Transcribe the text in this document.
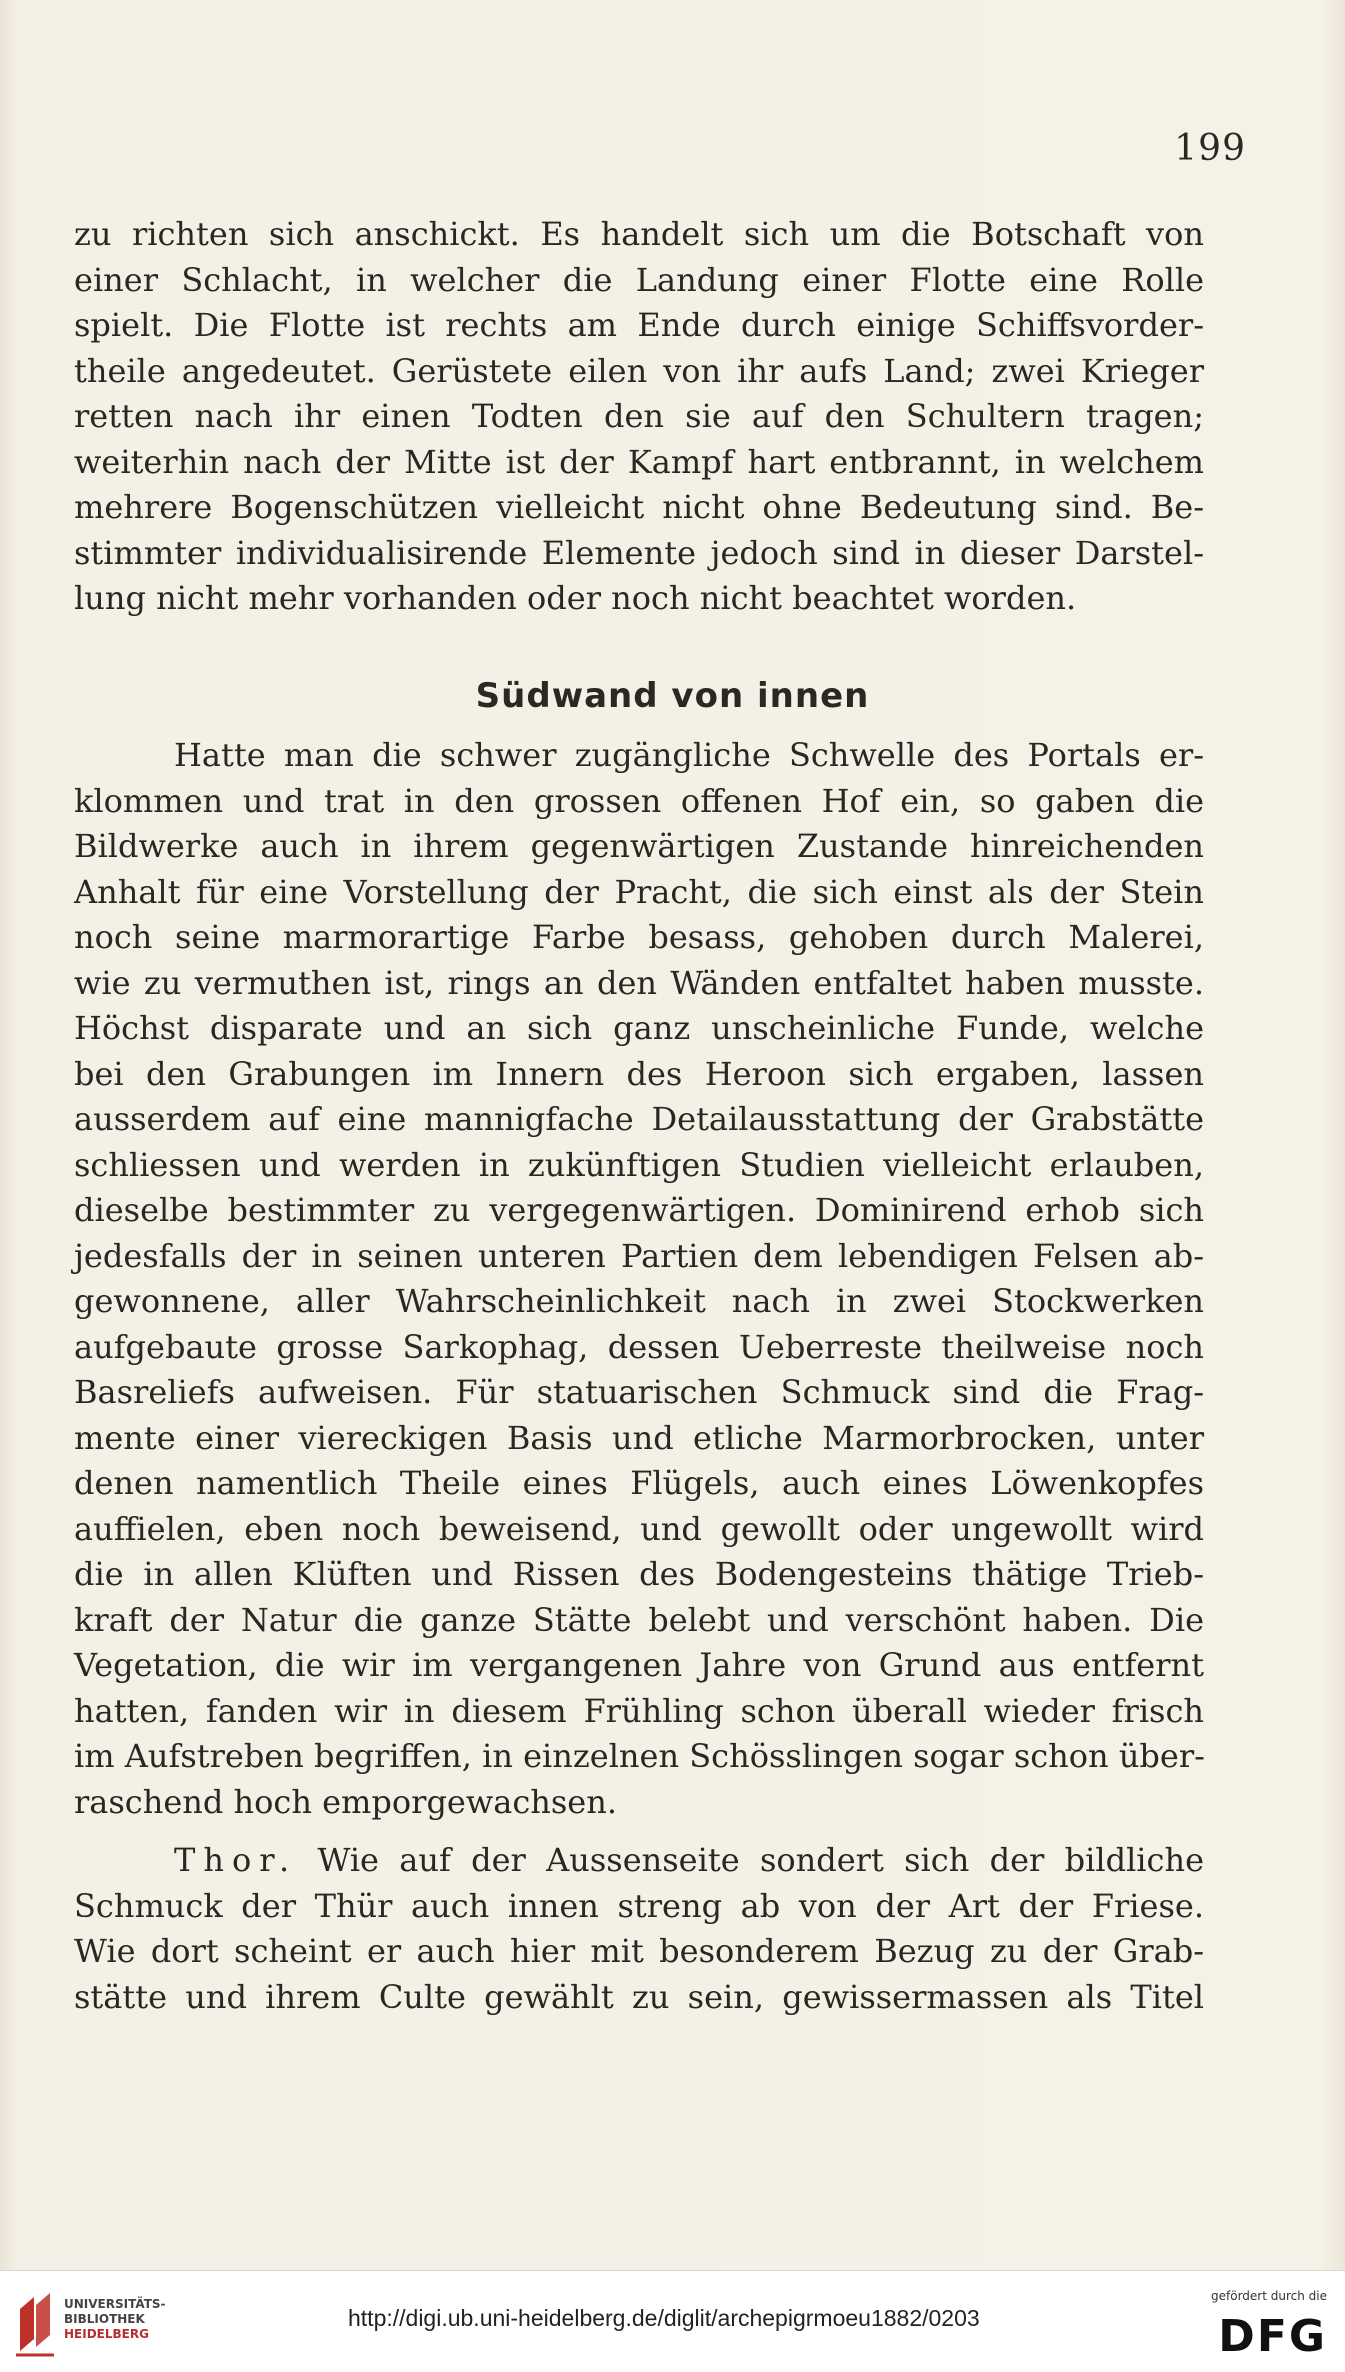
199
zu richten sich anschickt. Es handelt sich um die Botschaft von
einer Schlacht, in welcher die Landung einer Flotte eine Rolle
spielt. Die Flotte ist rechts am Ende durch einige Schiffsvorder-
theile angedeutet. Gerüstete eilen von ihr aufs Land; zwei Krieger
retten nach ihr einen Todten den sie auf den Schultern tragen;
weiterhin nach der Mitte ist der Kampf hart entbrannt, in welchem
mehrere Bogenschützen vielleicht nicht ohne Bedeutung sind. Be-
stimmter individualisirende Elemente jedoch sind in dieser Darstel-
lung nicht mehr vorhanden oder noch nicht beachtet worden.
Südwand von innen
Hatte man die schwer zugängliche Schwelle des Portals er-
klommen und trat in den grossen offenen Hof ein, so gaben die
Bildwerke auch in ihrem gegenwärtigen Zustande hinreichenden
Anhalt für eine Vorstellung der Pracht, die sich einst als der Stein
noch seine marmorartige Farbe besass, gehoben durch Malerei,
wie zu vermuthen ist, rings an den Wänden entfaltet haben musste.
Höchst disparate und an sich ganz unscheinliche Funde, welche
bei den Grabungen im Innern des Heroon sich ergaben, lassen
ausserdem auf eine mannigfache Detailausstattung der Grabstätte
schliessen und werden in zukünftigen Studien vielleicht erlauben,
dieselbe bestimmter zu vergegenwärtigen. Dominirend erhob sich
jedesfalls der in seinen unteren Partien dem lebendigen Felsen ab-
gewonnene, aller Wahrscheinlichkeit nach in zwei Stockwerken
aufgebaute grosse Sarkophag, dessen Ueberreste theilweise noch
Basreliefs aufweisen. Für statuarischen Schmuck sind die Frag-
mente einer viereckigen Basis und etliche Marmorbrocken, unter
denen namentlich Theile eines Flügels, auch eines Löwenkopfes
auffielen, eben noch beweisend, und gewollt oder ungewollt wird
die in allen Klüften und Rissen des Bodengesteins thätige Trieb-
kraft der Natur die ganze Stätte belebt und verschönt haben. Die
Vegetation, die wir im vergangenen Jahre von Grund aus entfernt
hatten, fanden wir in diesem Frühling schon überall wieder frisch
im Aufstreben begriffen, in einzelnen Schösslingen sogar schon über-
raschend hoch emporgewachsen.
Thor. Wie auf der Aussenseite sondert sich der bildliche
Schmuck der Thür auch innen streng ab von der Art der Friese.
Wie dort scheint er auch hier mit besonderem Bezug zu der Grab-
stätte und ihrem Culte gewählt zu sein, gewissermassen als Titel
UNIVERSITÄTS-
BIBLIOTHEK
HEIDELBERG
http://digi.ub.uni-heidelberg.de/diglit/archepigrmoeu1882/0203
gefördert durch die
DFG
